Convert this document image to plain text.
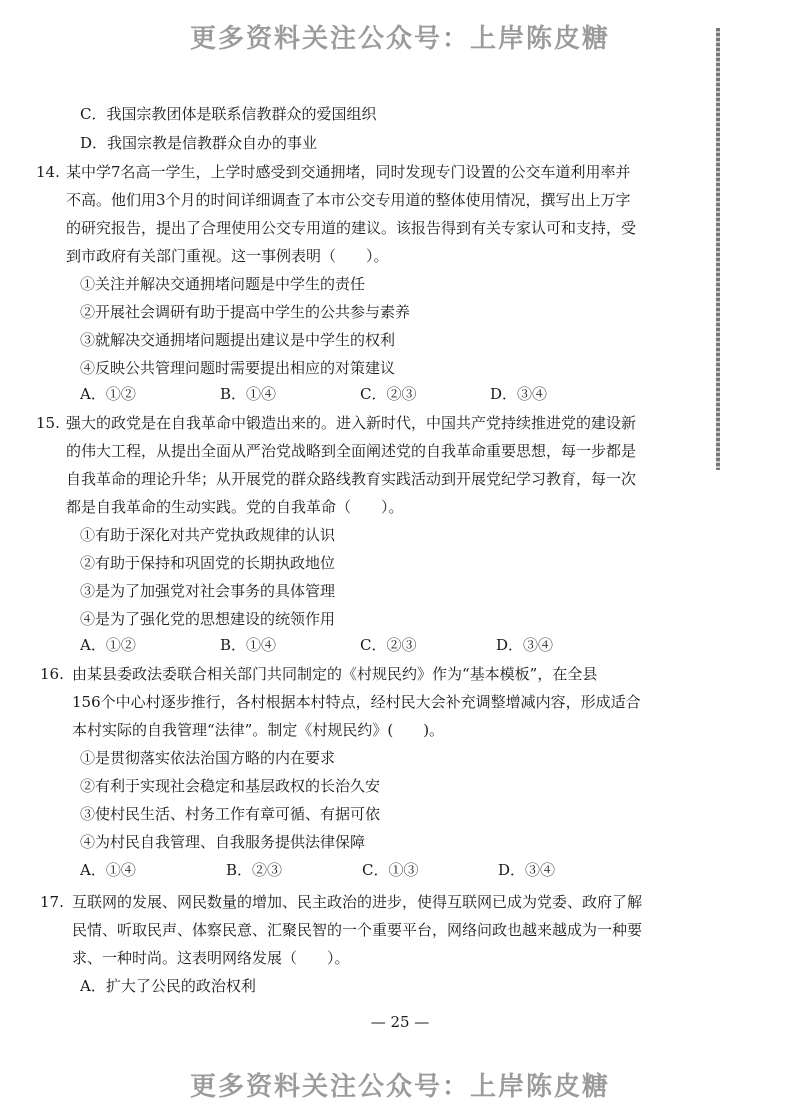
更多资料关注公众号：上岸陈皮糖
C．我国宗教团体是联系信教群众的爱国组织
D．我国宗教是信教群众自办的事业
14. 某中学7名高一学生，上学时感受到交通拥堵，同时发现专门设置的公交车道利用率并
不高。他们用3个月的时间详细调查了本市公交专用道的整体使用情况，撰写出上万字
的研究报告，提出了合理使用公交专用道的建议。该报告得到有关专家认可和支持，受
到市政府有关部门重视。这一事例表明（　　）。
①关注并解决交通拥堵问题是中学生的责任
②开展社会调研有助于提高中学生的公共参与素养
③就解决交通拥堵问题提出建议是中学生的权利
④反映公共管理问题时需要提出相应的对策建议
A．①②	B．①④	C．②③	D．③④
15. 强大的政党是在自我革命中锻造出来的。进入新时代，中国共产党持续推进党的建设新
的伟大工程，从提出全面从严治党战略到全面阐述党的自我革命重要思想，每一步都是
自我革命的理论升华；从开展党的群众路线教育实践活动到开展党纪学习教育，每一次
都是自我革命的生动实践。党的自我革命（　　）。
①有助于深化对共产党执政规律的认识
②有助于保持和巩固党的长期执政地位
③是为了加强党对社会事务的具体管理
④是为了强化党的思想建设的统领作用
A．①②	B．①④	C．②③	D．③④
16. 由某县委政法委联合相关部门共同制定的《村规民约》作为“基本模板”，在全县
156个中心村逐步推行，各村根据本村特点，经村民大会补充调整增减内容，形成适合
本村实际的自我管理“法律”。制定《村规民约》(　　)。
①是贯彻落实依法治国方略的内在要求
②有利于实现社会稳定和基层政权的长治久安
③使村民生活、村务工作有章可循、有据可依
④为村民自我管理、自我服务提供法律保障
A．①④	B．②③	C．①③	D．③④
17. 互联网的发展、网民数量的增加、民主政治的进步，使得互联网已成为党委、政府了解
民情、听取民声、体察民意、汇聚民智的一个重要平台，网络问政也越来越成为一种要
求、一种时尚。这表明网络发展（　　）。
A．扩大了公民的政治权利
— 25 —
更多资料关注公众号：上岸陈皮糖
